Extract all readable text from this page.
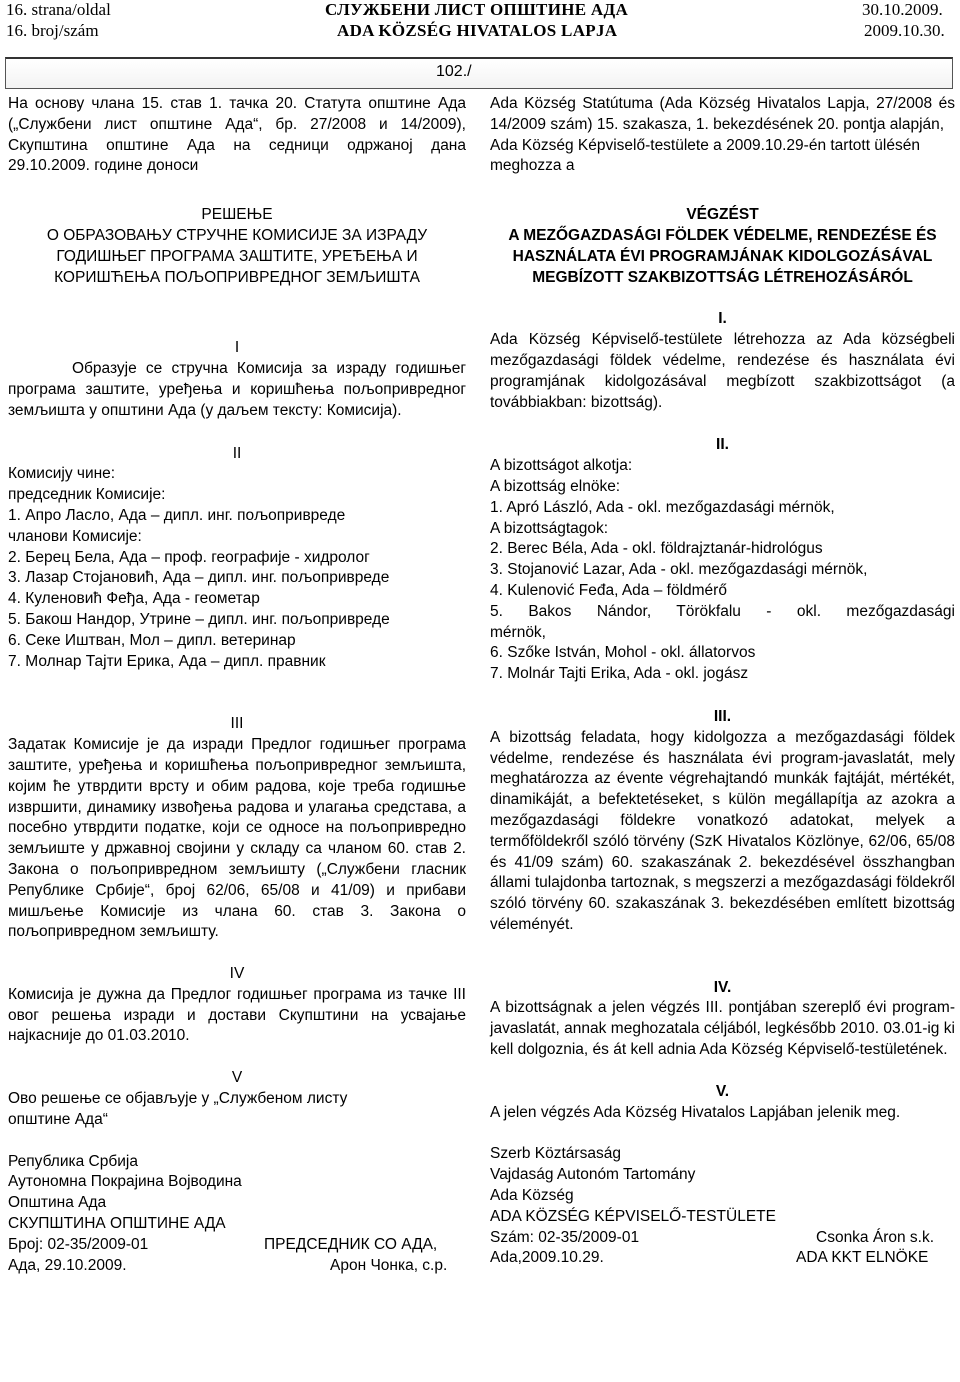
16. strana/oldal
16. broj/szám
СЛУЖБЕНИ ЛИСТ ОПШТИНЕ АДА
ADA KÖZSÉG HIVATALOS LAPJA
30.10.2009.
2009.10.30.
102./

На основу члана 15. став 1. тачка 20. Статута општине Ада („Службени лист општине Ада“, бр. 27/2008 и 14/2009), Скупштина општине Ада на седници одржаној дана 29.10.2009. године доноси

РЕШЕЊЕ

О ОБРАЗОВАЊУ СТРУЧНЕ КОМИСИЈЕ ЗА ИЗРАДУ ГОДИШЊЕГ ПРОГРАМА ЗАШТИТЕ, УРЕЂЕЊА И КОРИШЋЕЊА ПОЉОПРИВРЕДНОГ ЗЕМЉИШТА

I

Образује се стручна Комисија за израду годишњег програма заштите, уређења и коришћења пољопривредног земљишта у општини Ада (у даљем тексту: Комисија).

II

Комисију чине:
председник Комисије:
1. Апро Ласло, Ада – дипл. инг. пољопривреде
чланови Комисије:
2. Берец Бела, Ада – проф. географије - хидролог
3. Лазар Стојановић, Ада – дипл. инг. пољопривреде
4. Куленовић Феђа, Ада - геометар
5. Бакош Нандор, Утрине – дипл. инг. пољопривреде
6. Секе Иштван, Мол – дипл. ветеринар
7. Молнар Тајти Ерика, Ада – дипл. правник

III

Задатак Комисије је да изради Предлог годишњег програма заштите, уређења и коришћења пољопривредног земљишта, којим ће утврдити врсту и обим радова, које треба годишње извршити, динамику извођења радова и улагања средстава, а посебно утврдити податке, који се односе на пољопривредно земљиште у државној својини у складу са чланом 60. став 2. Закона о пољопривредном земљишту („Службени гласник Републике Србије“, број 62/06, 65/08 и 41/09) и прибави мишљење Комисије из члана 60. став 3. Закона о пољопривредном земљишту.

IV

Комисија је дужна да Предлог годишњег програма из тачке III овог решења изради и достави Скупштини на усвајање најкасније до 01.03.2010.

V

Ово решење се објављује у „Службеном листу општине Ада“

Република Србија
Аутономна Покрајина Војводина
Општина Ада
СКУПШТИНА ОПШТИНЕ АДА
Број: 02-35/2009-01	ПРЕДСЕДНИК СО АДА,
Ада, 29.10.2009.	Арон Чонка, с.р.

Ada Község Statútuma (Ada Község Hivatalos Lapja, 27/2008 és 14/2009 szám) 15. szakasza, 1. bekezdésének 20. pontja alapján,

Ada Község Képviselő-testülete a 2009.10.29-én tartott ülésén meghozza a

VÉGZÉST

A MEZŐGAZDASÁGI FÖLDEK VÉDELME, RENDEZÉSE ÉS HASZNÁLATA ÉVI PROGRAMJÁNAK KIDOLGOZÁSÁVAL MEGBÍZOTT SZAKBIZOTTSÁG LÉTREHOZÁSÁRÓL

I.

Ada Község Képviselő-testülete létrehozza az Ada községbeli mezőgazdasági földek védelme, rendezése és használata évi programjának kidolgozásával megbízott szakbizottságot (a továbbiakban: bizottság).

II.

A bizottságot alkotja:
A bizottság elnöke:
1. Apró László, Ada - okl. mezőgazdasági mérnök,
A bizottságtagok:
2. Berec Béla, Ada - okl. földrajztanár-hidrológus
3. Stojanović Lazar, Ada - okl. mezőgazdasági mérnök,
4. Kulenović Feđa, Ada – földmérő
5. Bakos Nándor, Törökfalu - okl. mezőgazdasági
mérnök,
6. Szőke István, Mohol - okl. állatorvos
7. Molnár Tajti Erika, Ada - okl. jogász

III.

A bizottság feladata, hogy kidolgozza a mezőgazdasági földek védelme, rendezése és használata évi program-javaslatát, mely meghatározza az évente végrehajtandó munkák fajtáját, mértékét, dinamikáját, a befektetéseket, s külön megállapítja az azokra a mezőgazdasági földekre vonatkozó adatokat, melyek a termőföldekről szóló törvény (SzK Hivatalos Közlönye, 62/06, 65/08 és 41/09 szám) 60. szakaszának 2. bekezdésével összhangban állami tulajdonba tartoznak, s megszerzi a mezőgazdasági földekről szóló törvény 60. szakaszának 3. bekezdésében említett bizottság véleményét.

IV.

A bizottságnak a jelen végzés III. pontjában szereplő évi program-javaslatát, annak meghozatala céljából, legkésőbb 2010. 03.01-ig ki kell dolgoznia, és át kell adnia Ada Község Képviselő-testületének.

V.

A jelen végzés Ada Község Hivatalos Lapjában jelenik meg.

Szerb Köztársaság
Vajdaság Autonóm Tartomány
Ada Község
ADA KÖZSÉG KÉPVISELŐ-TESTÜLETE
Szám: 02-35/2009-01	Csonka Áron s.k.
Ada,2009.10.29.	ADA KKT ELNÖKE
